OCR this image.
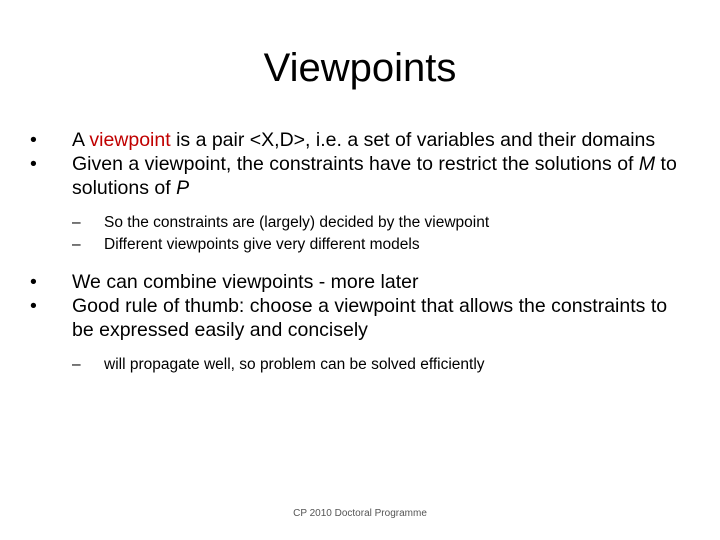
Viewpoints
•	A viewpoint is a pair <X,D>, i.e. a set of variables and their domains
•	Given a viewpoint, the constraints have to restrict the solutions of M to solutions of P
– So the constraints are (largely) decided by the viewpoint
– Different viewpoints give very different models
•	We can combine viewpoints - more later
•	Good rule of thumb: choose a viewpoint that allows the constraints to be expressed easily and concisely
– will propagate well, so problem can be solved efficiently
CP 2010 Doctoral Programme
